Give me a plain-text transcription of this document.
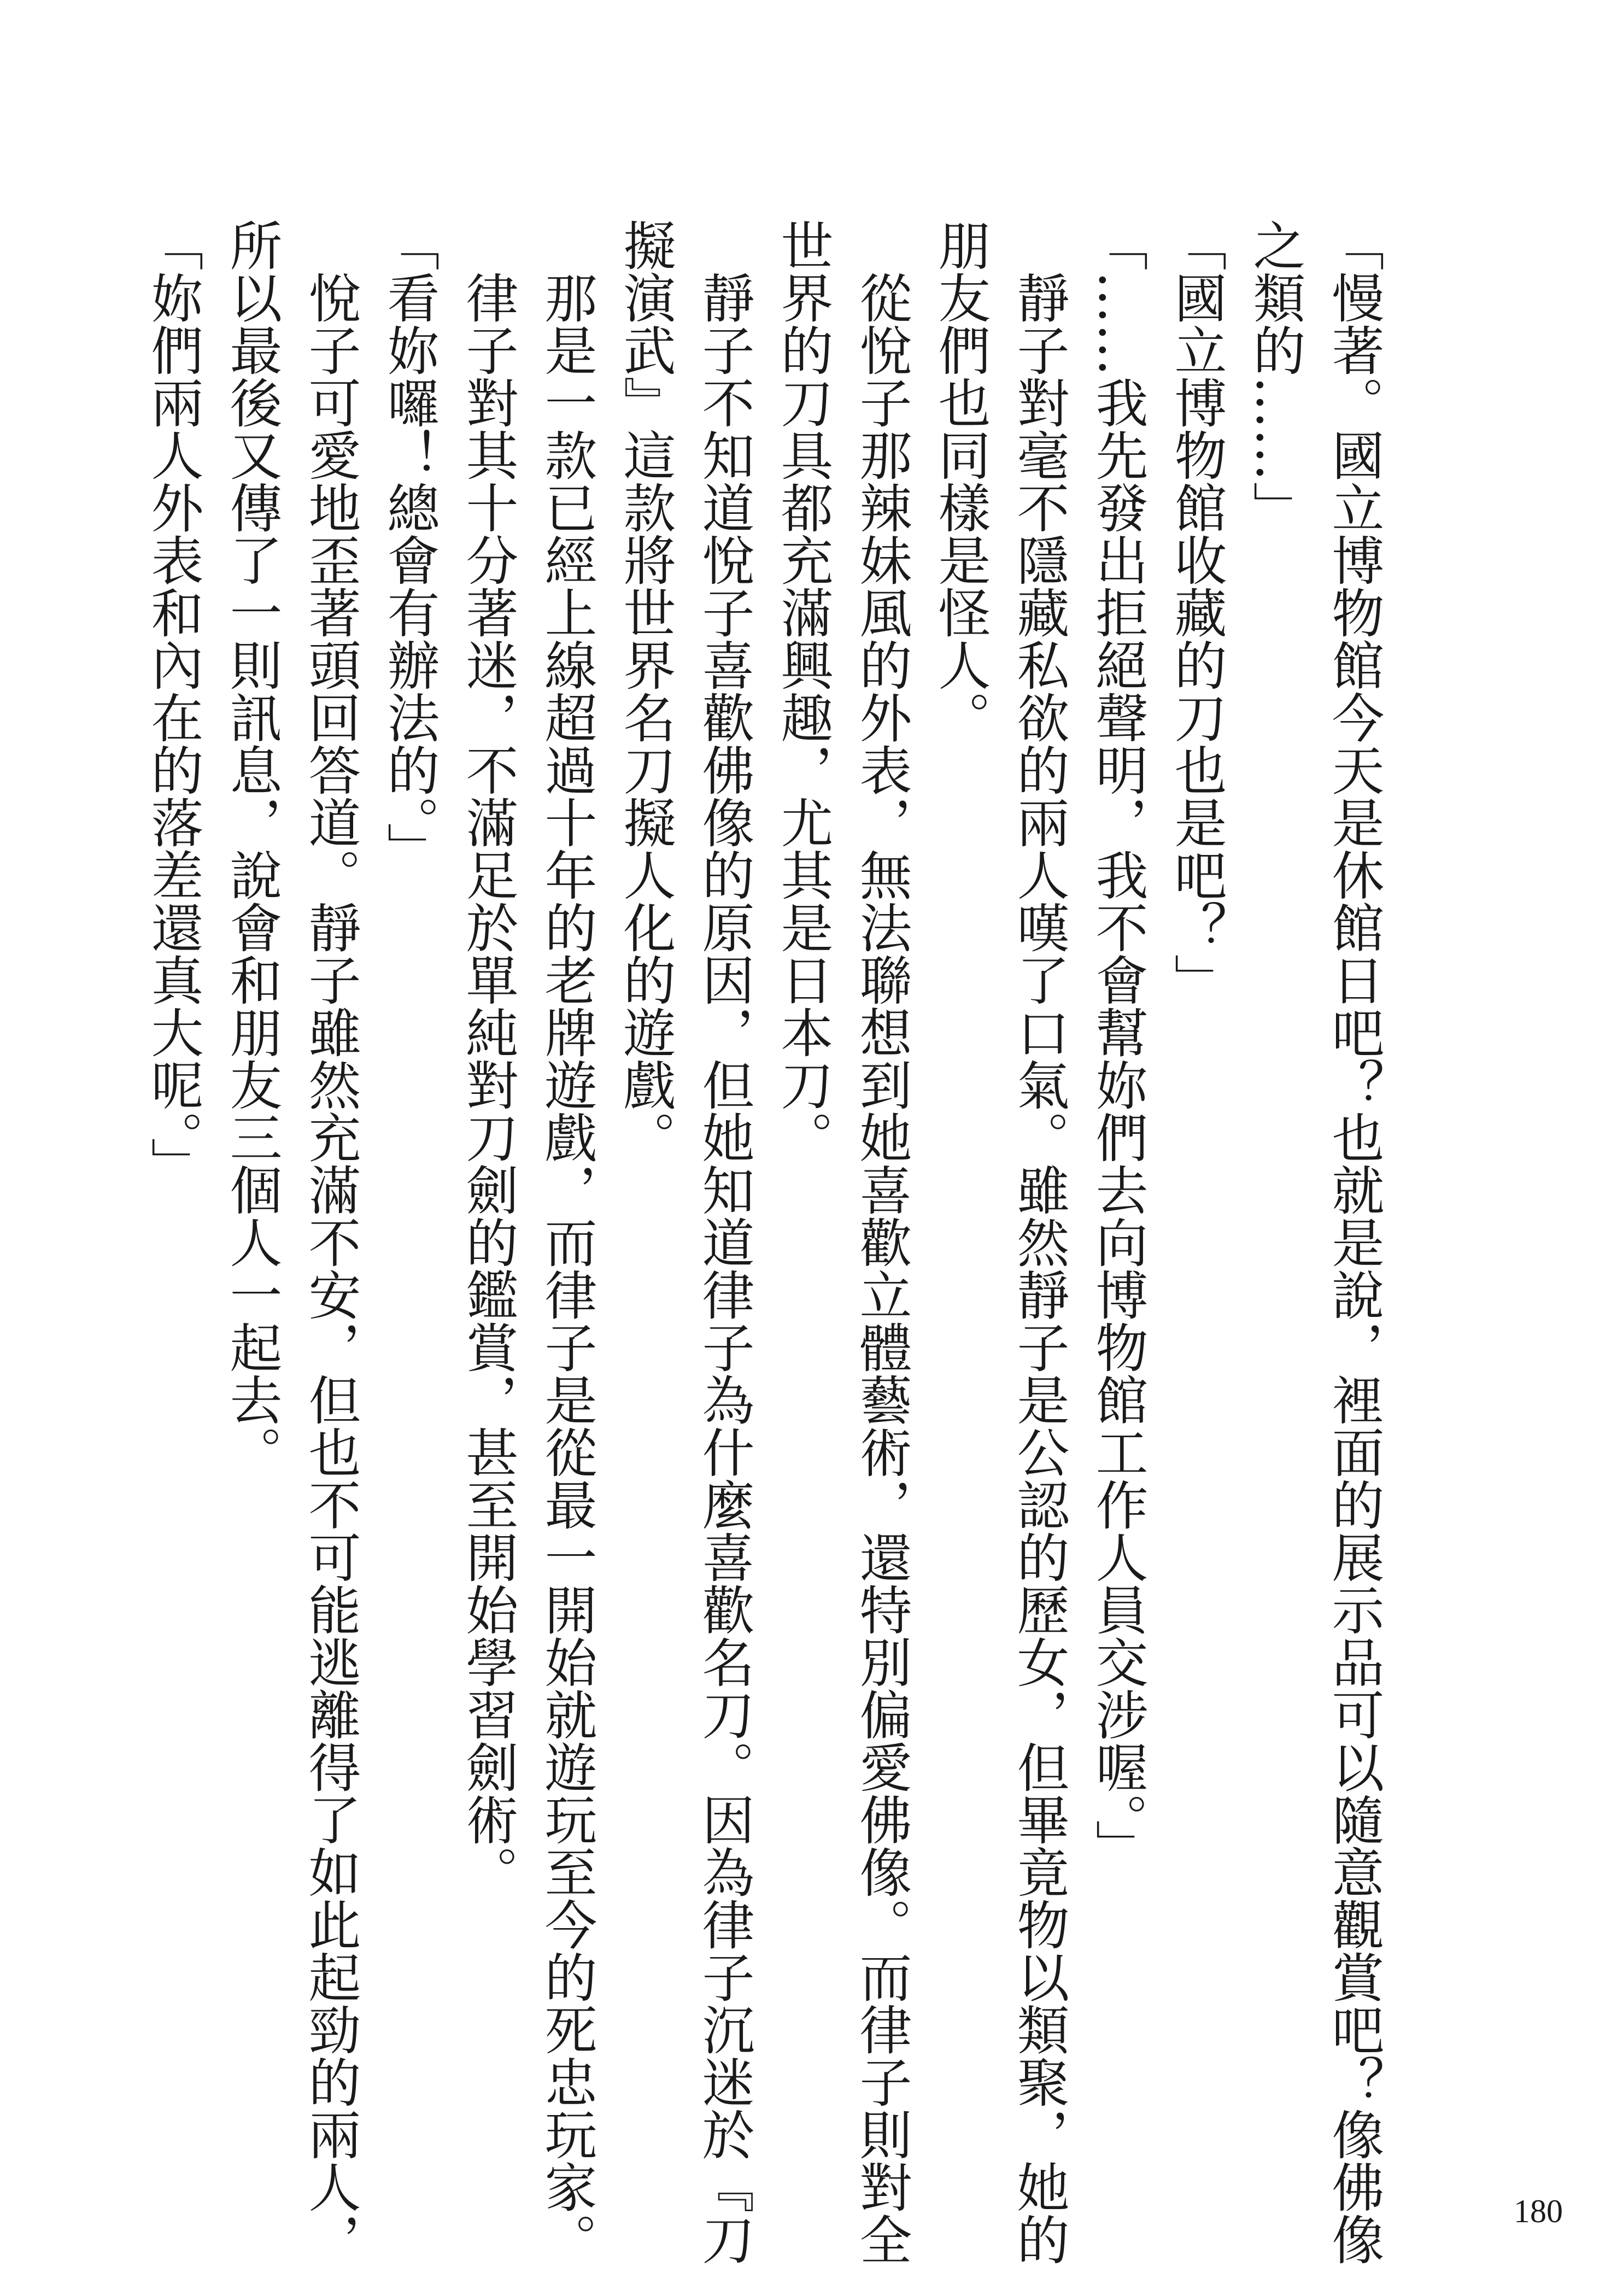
「慢著。國立博物館今天是休館日吧？也就是說，裡面的展示品可以隨意觀賞吧？像佛像
之類的……」
「國立博物館收藏的刀也是吧？」
「……我先發出拒絕聲明，我不會幫妳們去向博物館工作人員交涉喔。」
　靜子對毫不隱藏私欲的兩人嘆了口氣。雖然靜子是公認的歷女，但畢竟物以類聚，她的
朋友們也同樣是怪人。
　從悅子那辣妹風的外表，無法聯想到她喜歡立體藝術，還特別偏愛佛像。而律子則對全
世界的刀具都充滿興趣，尤其是日本刀。
　靜子不知道悅子喜歡佛像的原因，但她知道律子為什麼喜歡名刀。因為律子沉迷於『刀
擬演武』這款將世界名刀擬人化的遊戲。
　那是一款已經上線超過十年的老牌遊戲，而律子是從最一開始就遊玩至今的死忠玩家。
　律子對其十分著迷，不滿足於單純對刀劍的鑑賞，甚至開始學習劍術。
「看妳囉！總會有辦法的。」
　悅子可愛地歪著頭回答道。靜子雖然充滿不安，但也不可能逃離得了如此起勁的兩人，
所以最後又傳了一則訊息，說會和朋友三個人一起去。
「妳們兩人外表和內在的落差還真大呢。」
180
